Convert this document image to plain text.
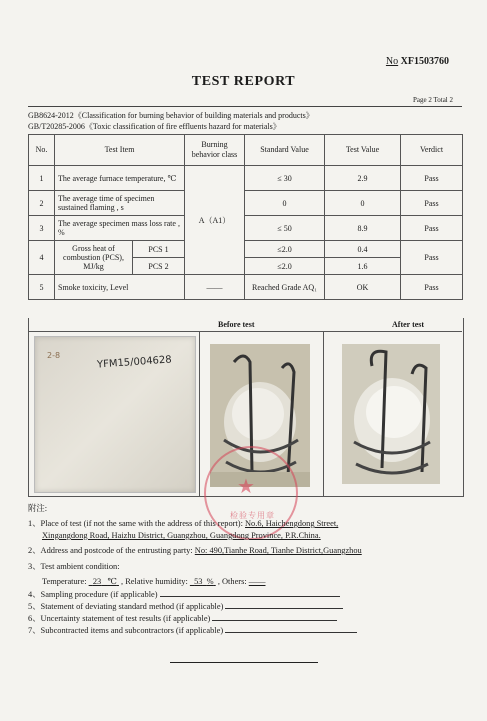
No XF1503760
TEST REPORT
Page 2 Total 2
GB8624-2012《Classification for burning behavior of building materials and products》
GB/T20285-2006《Toxic classification of fire effluents hazard for materials》
No.	Test Item		Burning behavior class	Standard Value	Test Value	Verdict
1	The average furnace temperature, ℃		A（A1）	≤ 30	2.9	Pass
2	The average time of specimen sustained flaming , s			0	0	Pass
3	The average specimen mass loss rate , %			≤ 50	8.9	Pass
4	Gross heat of combustion (PCS), MJ/kg	PCS 1		≤2.0	0.4	Pass
		PCS 2		≤2.0	1.6	
5	Smoke toxicity, Level		——	Reached Grade AQ₁	OK	Pass
Before test	After test
2-8	YFM15/004628
★
检验专用章
附注:
1、Place of test (if not the same with the address of this report): No.6, Haichengdong Street,
Xingangdong Road, Haizhu District, Guangzhou, Guangdong Province, P.R.China.
2、Address and postcode of the entrusting party: No: 490,Tianhe Road, Tianhe District,Guangzhou
3、Test ambient condition:
Temperature: 23 ℃ , Relative humidity: 53 % , Others: ——
4、Sampling procedure (if applicable)
5、Statement of deviating standard method (if applicable)
6、Uncertainty statement of test results (if applicable)
7、Subcontracted items and subcontractors (if applicable)
